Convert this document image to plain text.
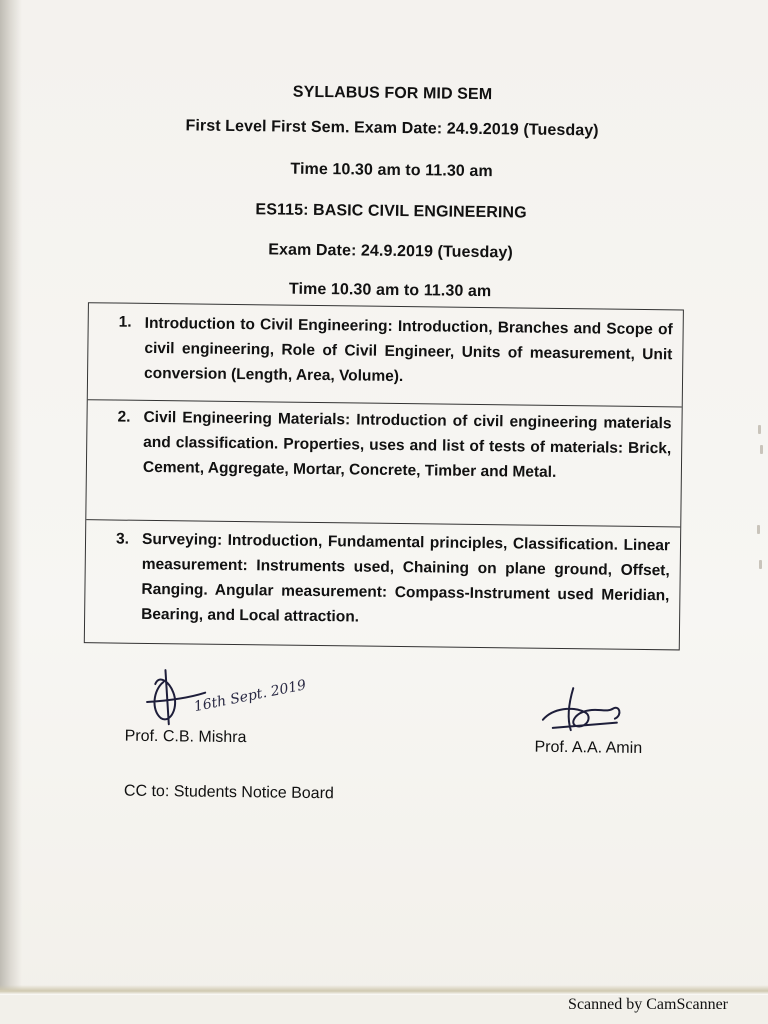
SYLLABUS FOR MID SEM
First Level First Sem. Exam Date: 24.9.2019 (Tuesday)
Time 10.30 am to 11.30 am
ES115: BASIC CIVIL ENGINEERING
Exam Date: 24.9.2019 (Tuesday)
Time 10.30 am to 11.30 am
1. Introduction to Civil Engineering: Introduction, Branches and Scope of civil engineering, Role of Civil Engineer, Units of measurement, Unit conversion (Length, Area, Volume).
2. Civil Engineering Materials: Introduction of civil engineering materials and classification. Properties, uses and list of tests of materials: Brick, Cement, Aggregate, Mortar, Concrete, Timber and Metal.
3. Surveying: Introduction, Fundamental principles, Classification. Linear measurement: Instruments used, Chaining on plane ground, Offset, Ranging. Angular measurement: Compass-Instrument used Meridian, Bearing, and Local attraction.
16th Sept. 2019
Prof. C.B. Mishra
Prof. A.A. Amin
CC to: Students Notice Board
Scanned by CamScanner
